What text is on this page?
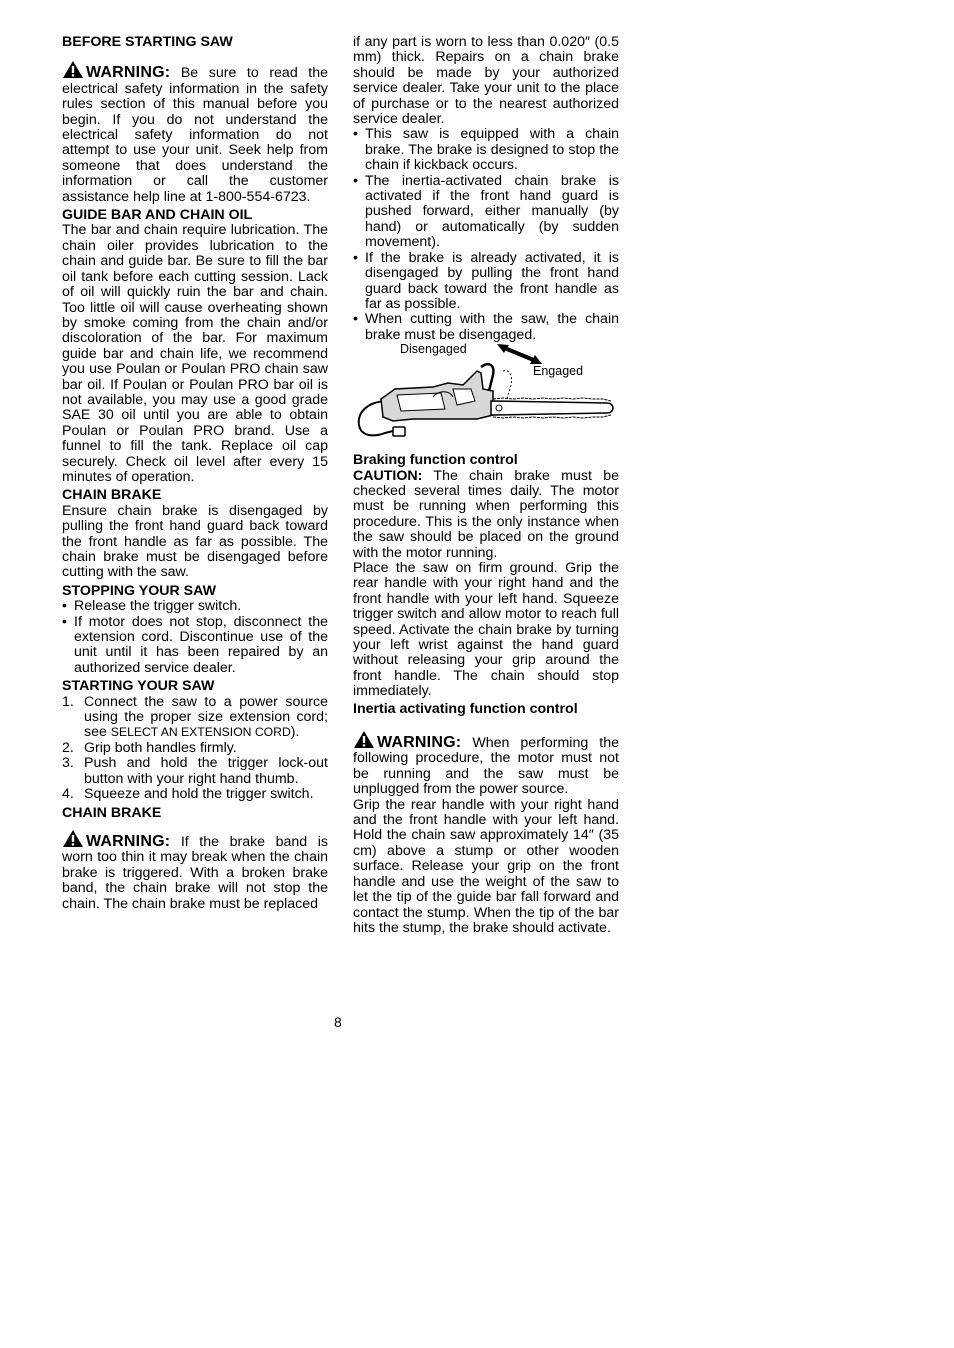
BEFORE STARTING SAW

WARNING: Be sure to read the electrical safety information in the safety rules section of this manual before you begin. If you do not understand the electrical safety information do not attempt to use your unit. Seek help from someone that does understand the information or call the customer assistance help line at 1-800-554-6723.

GUIDE BAR AND CHAIN OIL

The bar and chain require lubrication. The chain oiler provides lubrication to the chain and guide bar. Be sure to fill the bar oil tank before each cutting session. Lack of oil will quickly ruin the bar and chain. Too little oil will cause overheating shown by smoke coming from the chain and/or discoloration of the bar. For maximum guide bar and chain life, we recommend you use Poulan or Poulan PRO chain saw bar oil. If Poulan or Poulan PRO bar oil is not available, you may use a good grade SAE 30 oil until you are able to obtain Poulan or Poulan PRO brand. Use a funnel to fill the tank. Replace oil cap securely. Check oil level after every 15 minutes of operation.

CHAIN BRAKE

Ensure chain brake is disengaged by pulling the front hand guard back toward the front handle as far as possible. The chain brake must be disengaged before cutting with the saw.

STOPPING YOUR SAW
• Release the trigger switch.
• If motor does not stop, disconnect the extension cord. Discontinue use of the unit until it has been repaired by an authorized service dealer.
STARTING YOUR SAW
1. Connect the saw to a power source using the proper size extension cord; see SELECT AN EXTENSION CORD).
2. Grip both handles firmly.
3. Push and hold the trigger lock-out button with your right hand thumb.
4. Squeeze and hold the trigger switch.
CHAIN BRAKE

WARNING: If the brake band is worn too thin it may break when the chain brake is triggered. With a broken brake band, the chain brake will not stop the chain. The chain brake must be replaced

if any part is worn to less than 0.020″ (0.5 mm) thick. Repairs on a chain brake should be made by your authorized service dealer. Take your unit to the place of purchase or to the nearest authorized service dealer.

• This saw is equipped with a chain brake. The brake is designed to stop the chain if kickback occurs.
• The inertia-activated chain brake is activated if the front hand guard is pushed forward, either manually (by hand) or automatically (by sudden movement).
• If the brake is already activated, it is disengaged by pulling the front hand guard back toward the front handle as far as possible.
• When cutting with the saw, the chain brake must be disengaged.
Disengaged
Engaged
Braking function control

CAUTION: The chain brake must be checked several times daily. The motor must be running when performing this procedure. This is the only instance when the saw should be placed on the ground with the motor running.

Place the saw on firm ground. Grip the rear handle with your right hand and the front handle with your left hand. Squeeze trigger switch and allow motor to reach full speed. Activate the chain brake by turning your left wrist against the hand guard without releasing your grip around the front handle. The chain should stop immediately.

Inertia activating function control

WARNING: When performing the following procedure, the motor must not be running and the saw must be unplugged from the power source.

Grip the rear handle with your right hand and the front handle with your left hand. Hold the chain saw approximately 14″ (35 cm) above a stump or other wooden surface. Release your grip on the front handle and use the weight of the saw to let the tip of the guide bar fall forward and contact the stump. When the tip of the bar hits the stump, the brake should activate.

8
